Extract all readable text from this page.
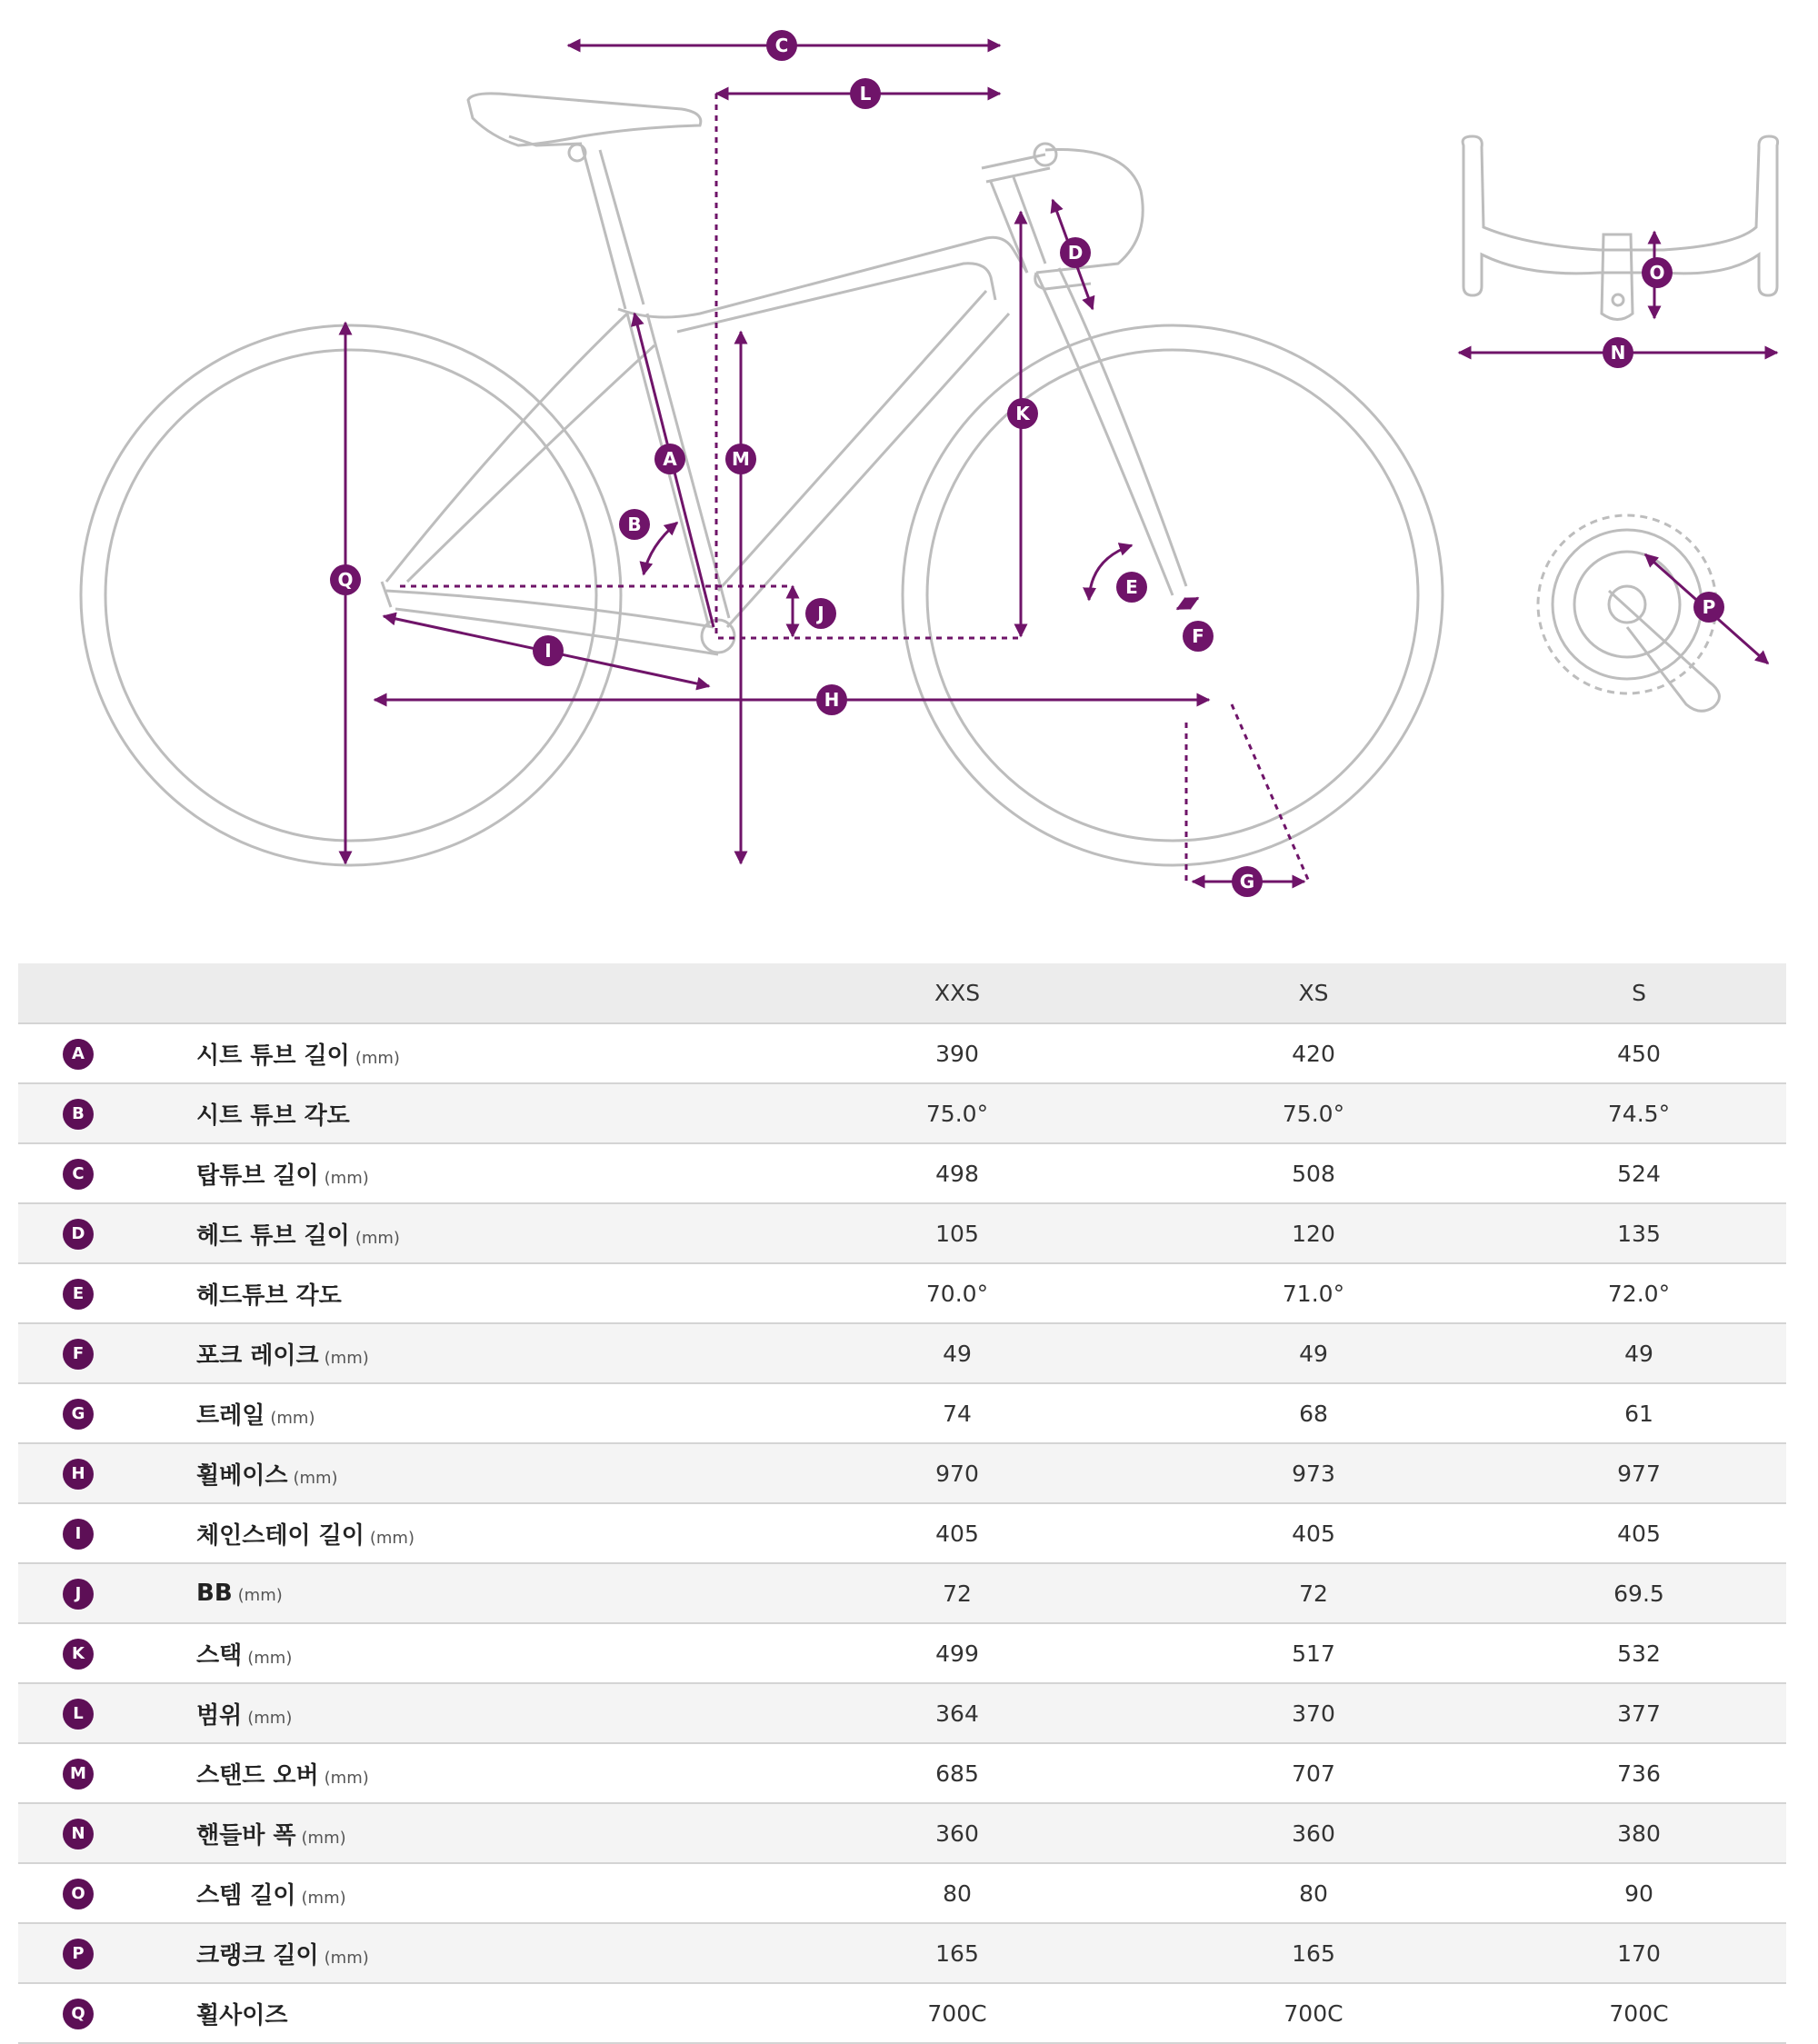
A
B
C
D
E
F
G
H
I
J
K
L
M
N
O
P
Q
		XXS	XS	S
A	시트 튜브 길이 (mm)	390	420	450
B	시트 튜브 각도	75.0°	75.0°	74.5°
C	탑튜브 길이 (mm)	498	508	524
D	헤드 튜브 길이 (mm)	105	120	135
E	헤드튜브 각도	70.0°	71.0°	72.0°
F	포크 레이크 (mm)	49	49	49
G	트레일 (mm)	74	68	61
H	휠베이스 (mm)	970	973	977
I	체인스테이 길이 (mm)	405	405	405
J	BB (mm)	72	72	69.5
K	스택 (mm)	499	517	532
L	범위 (mm)	364	370	377
M	스탠드 오버 (mm)	685	707	736
N	핸들바 폭 (mm)	360	360	380
O	스템 길이 (mm)	80	80	90
P	크랭크 길이 (mm)	165	165	170
Q	휠사이즈	700C	700C	700C
